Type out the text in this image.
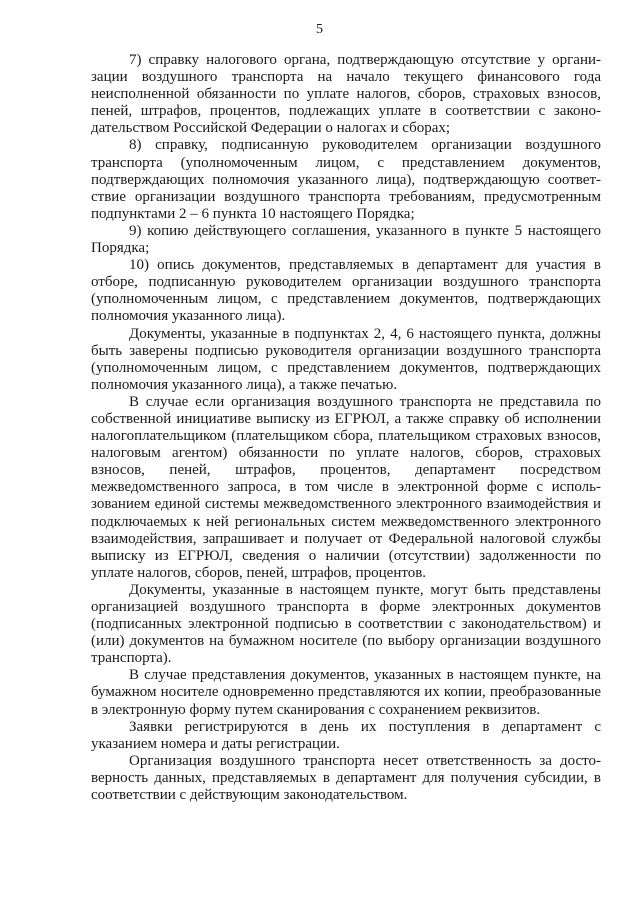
5

7) справку налогового органа, подтверждающую отсутствие у организации воздушного транспорта на начало текущего финансового года неисполненной обязанности по уплате налогов, сборов, страховых взносов, пеней, штрафов, процентов, подлежащих уплате в соответствии с законодательством Российской Федерации о налогах и сборах;

8) справку, подписанную руководителем организации воздушного транспорта (уполномоченным лицом, с представлением документов, подтверждающих полномочия указанного лица), подтверждающую соответствие организации воздушного транспорта требованиям, предусмотренным подпунктами 2 – 6 пункта 10 настоящего Порядка;

9) копию действующего соглашения, указанного в пункте 5 настоящего Порядка;

10) опись документов, представляемых в департамент для участия в отборе, подписанную руководителем организации воздушного транспорта (уполномоченным лицом, с представлением документов, подтверждающих полномочия указанного лица).

Документы, указанные в подпунктах 2, 4, 6 настоящего пункта, должны быть заверены подписью руководителя организации воздушного транспорта (уполномоченным лицом, с представлением документов, подтверждающих полномочия указанного лица), а также печатью.

В случае если организация воздушного транспорта не представила по собственной инициативе выписку из ЕГРЮЛ, а также справку об исполнении налогоплательщиком (плательщиком сбора, плательщиком страховых взносов, налоговым агентом) обязанности по уплате налогов, сборов, страховых взносов, пеней, штрафов, процентов, департамент посредством межведомственного запроса, в том числе в электронной форме с использованием единой системы межведомственного электронного взаимодействия и подключаемых к ней региональных систем межведомственного электронного взаимодействия, запрашивает и получает от Федеральной налоговой службы выписку из ЕГРЮЛ, сведения о наличии (отсутствии) задолженности по уплате налогов, сборов, пеней, штрафов, процентов.

Документы, указанные в настоящем пункте, могут быть представлены организацией воздушного транспорта в форме электронных документов (подписанных электронной подписью в соответствии с законодательством) и (или) документов на бумажном носителе (по выбору организации воздушного транспорта).

В случае представления документов, указанных в настоящем пункте, на бумажном носителе одновременно представляются их копии, преобразованные в электронную форму путем сканирования с сохранением реквизитов.

Заявки регистрируются в день их поступления в департамент с указанием номера и даты регистрации.

Организация воздушного транспорта несет ответственность за достоверность данных, представляемых в департамент для получения субсидии, в соответствии с действующим законодательством.
